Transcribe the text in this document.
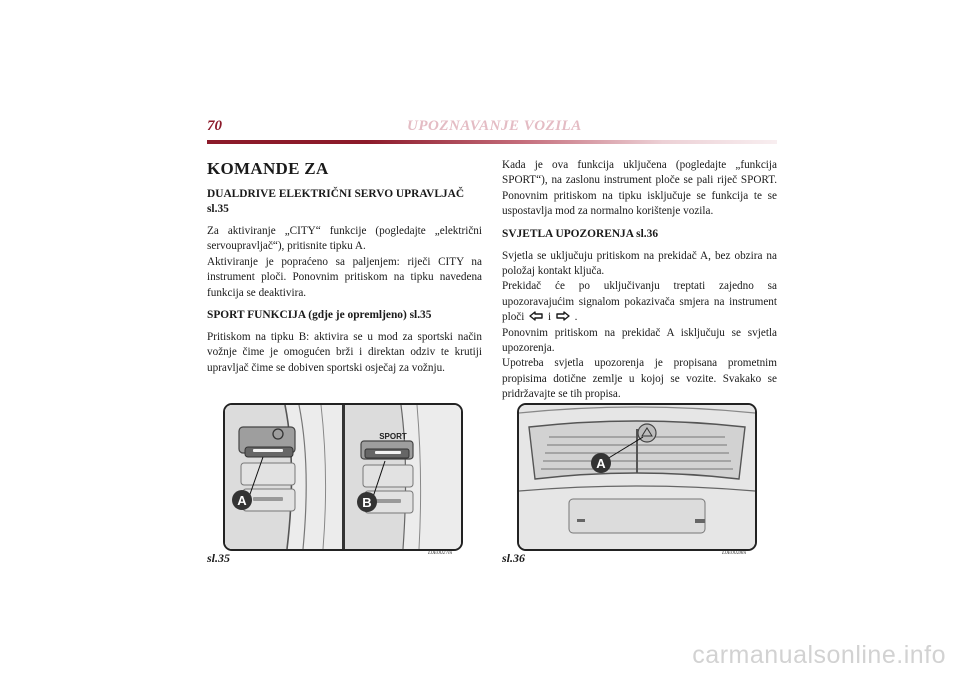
70	UPOZNAVANJE VOZILA
KOMANDE ZA
DUALDRIVE ELEKTRIČNI SERVO UPRAVLJAČ sl.35

Za aktiviranje „CITY“ funkcije (pogledajte „električni servoupravljač“), pritisnite tipku A.

Aktiviranje je popraćeno sa paljenjem: riječi CITY na instrument ploči. Ponovnim pritiskom na tipku navedena funkcija se deaktivira.

SPORT FUNKCIJA (gdje je opremljeno) sl.35

Pritiskom na tipku B: aktivira se u mod za sportski način vožnje čime je omogućen brži i direktan odziv te krutiji upravljač čime se dobiven sportski osječaj za vožnju.

Kada je ova funkcija uključena (pogledajte „funkcija SPORT“), na zaslonu instrument ploče se pali riječ SPORT. Ponovnim pritiskom na tipku isključuje se funkcija te se uspostavlja mod za normalno korištenje vozila.

SVJETLA UPOZORENJA sl.36

Svjetla se uključuju pritiskom na prekidač A, bez obzira na položaj kontakt ključa.

Prekidač će po uključivanju treptati zajedno sa upozoravajućim signalom pokazivača smjera na instrument ploči i .

Ponovnim pritiskom na prekidač A isključuju se svjetla upozorenja.

Upotreba svjetla upozorenja je propisana prometnim propisima dotične zemlje u kojoj se vozite. Svakako se pridržavajte se tih propisa.

A
SPORT
B
sl.35	L0E0027m
A
sl.36	L0E0028m
carmanualsonline.info
